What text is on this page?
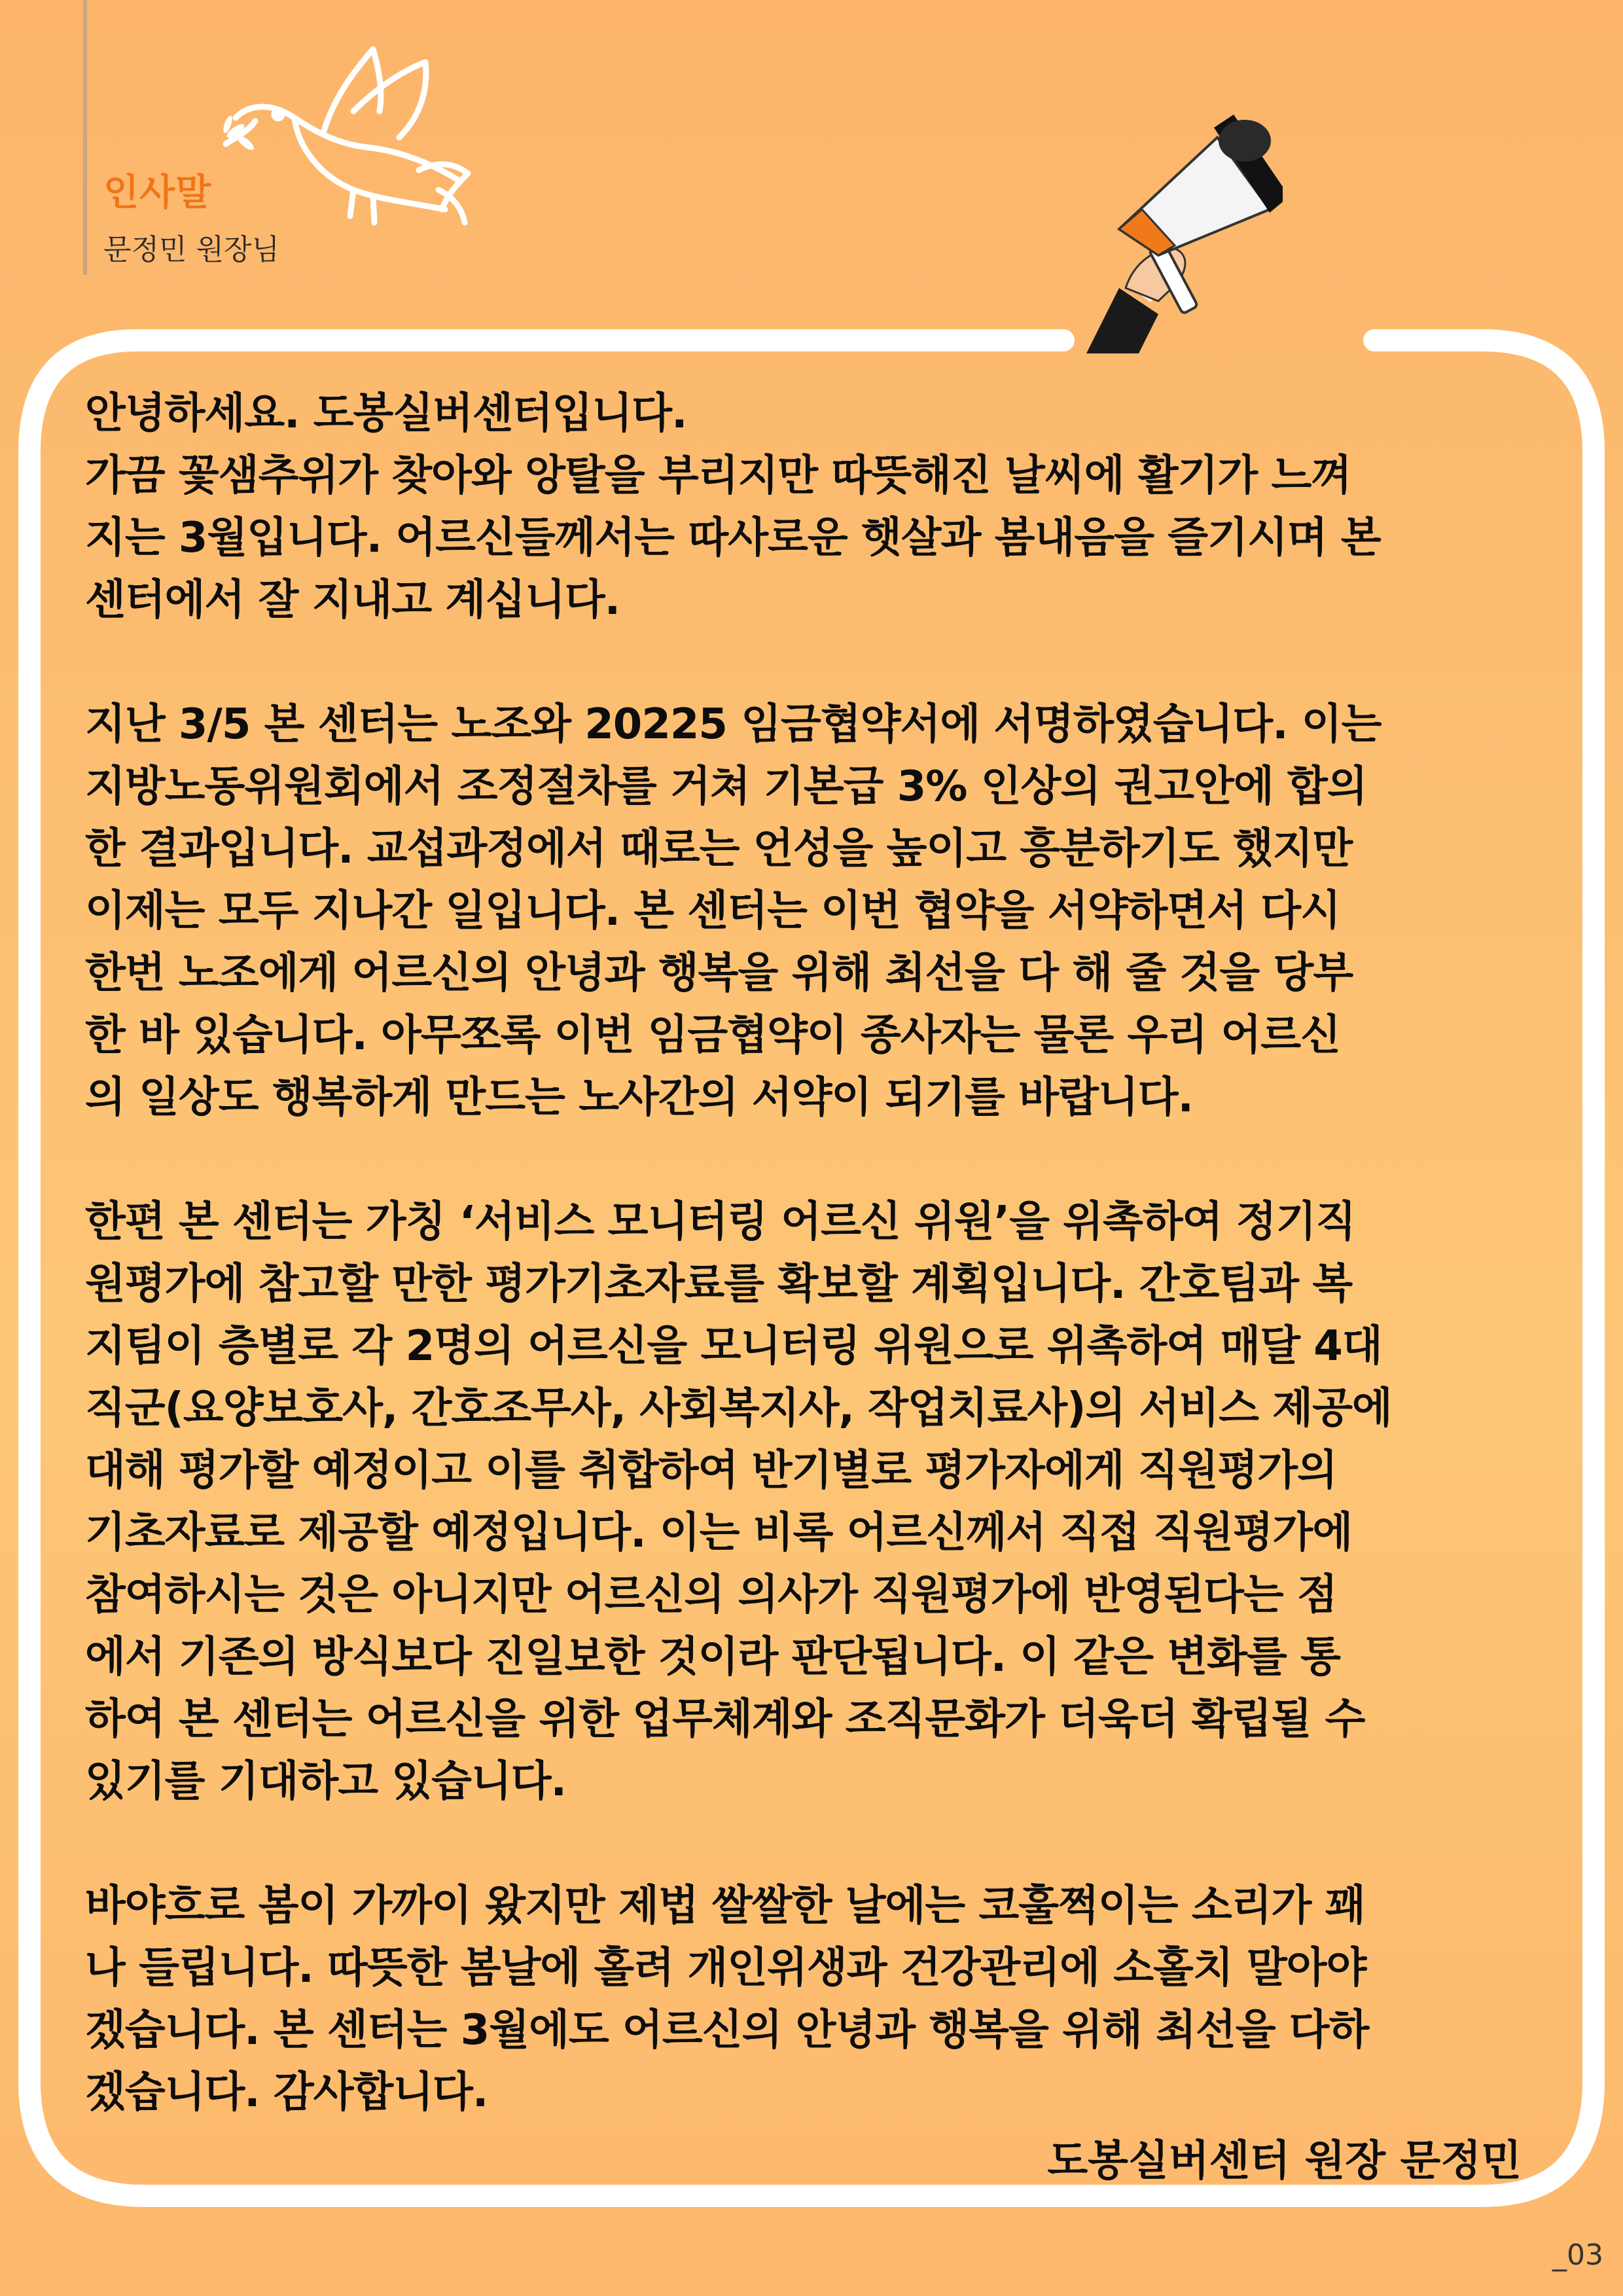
인사말
문정민 원장님

안녕하세요. 도봉실버센터입니다.
가끔 꽃샘추위가 찾아와 앙탈을 부리지만 따뜻해진 날씨에 활기가 느껴
지는 3월입니다. 어르신들께서는 따사로운 햇살과 봄내음을 즐기시며 본
센터에서 잘 지내고 계십니다.

지난 3/5 본 센터는 노조와 20225 임금협약서에 서명하였습니다. 이는
지방노동위원회에서 조정절차를 거쳐 기본급 3% 인상의 권고안에 합의
한 결과입니다. 교섭과정에서 때로는 언성을 높이고 흥분하기도 했지만
이제는 모두 지나간 일입니다. 본 센터는 이번 협약을 서약하면서 다시
한번 노조에게 어르신의 안녕과 행복을 위해 최선을 다 해 줄 것을 당부
한 바 있습니다. 아무쪼록 이번 임금협약이 종사자는 물론 우리 어르신
의 일상도 행복하게 만드는 노사간의 서약이 되기를 바랍니다.

한편 본 센터는 가칭 ‘서비스 모니터링 어르신 위원’을 위촉하여 정기직
원평가에 참고할 만한 평가기초자료를 확보할 계획입니다. 간호팀과 복
지팀이 층별로 각 2명의 어르신을 모니터링 위원으로 위촉하여 매달 4대
직군(요양보호사, 간호조무사, 사회복지사, 작업치료사)의 서비스 제공에
대해 평가할 예정이고 이를 취합하여 반기별로 평가자에게 직원평가의
기초자료로 제공할 예정입니다. 이는 비록 어르신께서 직접 직원평가에
참여하시는 것은 아니지만 어르신의 의사가 직원평가에 반영된다는 점
에서 기존의 방식보다 진일보한 것이라 판단됩니다. 이 같은 변화를 통
하여 본 센터는 어르신을 위한 업무체계와 조직문화가 더욱더 확립될 수
있기를 기대하고 있습니다.

바야흐로 봄이 가까이 왔지만 제법 쌀쌀한 날에는 코훌쩍이는 소리가 꽤
나 들립니다. 따뜻한 봄날에 홀려 개인위생과 건강관리에 소홀치 말아야
겠습니다. 본 센터는 3월에도 어르신의 안녕과 행복을 위해 최선을 다하
겠습니다. 감사합니다.

도봉실버센터 원장 문정민
_03
